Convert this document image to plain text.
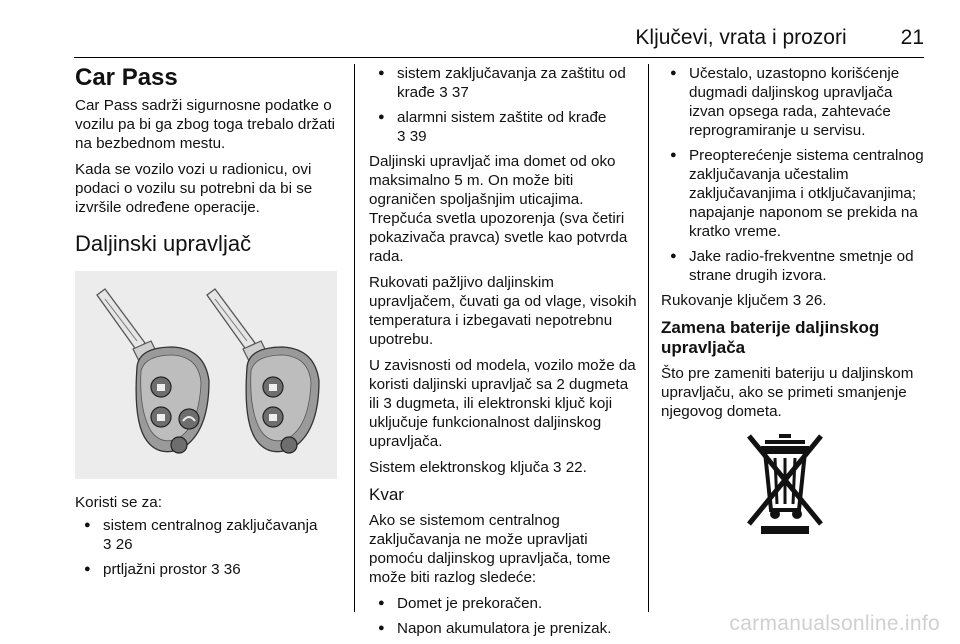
Ključevi, vrata i prozori	21
Car Pass

Car Pass sadrži sigurnosne podatke o vozilu pa bi ga zbog toga trebalo držati na bezbednom mestu.

Kada se vozilo vozi u radionicu, ovi podaci o vozilu su potrebni da bi se izvršile određene operacije.

Daljinski upravljač

Koristi se za:

● sistem centralnog zaključavanja
3 26
● prtljažni prostor 3 36
● sistem zaključavanja za zaštitu od krađe 3 37
● alarmni sistem zaštite od krađe
3 39

Daljinski upravljač ima domet od oko maksimalno 5 m. On može biti ograničen spoljašnjim uticajima. Trepčuća svetla upozorenja (sva četiri pokazivača pravca) svetle kao potvrda rada.

Rukovati pažljivo daljinskim upravljačem, čuvati ga od vlage, visokih temperatura i izbegavati nepotrebnu upotrebu.

U zavisnosti od modela, vozilo može da koristi daljinski upravljač sa 2 dugmeta ili 3 dugmeta, ili elektronski ključ koji uključuje funkcionalnost daljinskog upravljača.

Sistem elektronskog ključa 3 22.

Kvar

Ako se sistemom centralnog zaključavanja ne može upravljati pomoću daljinskog upravljača, tome može biti razlog sledeće:

● Domet je prekoračen.
● Napon akumulatora je prenizak.
● Učestalo, uzastopno korišćenje dugmadi daljinskog upravljača izvan opsega rada, zahtevaće reprogramiranje u servisu.
● Preopterećenje sistema centralnog zaključavanja učestalim zaključavanjima i otključavanjima; napajanje naponom se prekida na kratko vreme.
● Jake radio-frekventne smetnje od strane drugih izvora.

Rukovanje ključem 3 26.

Zamena baterije daljinskog upravljača

Što pre zameniti bateriju u daljinskom upravljaču, ako se primeti smanjenje njegovog dometa.

carmanualsonline.info
